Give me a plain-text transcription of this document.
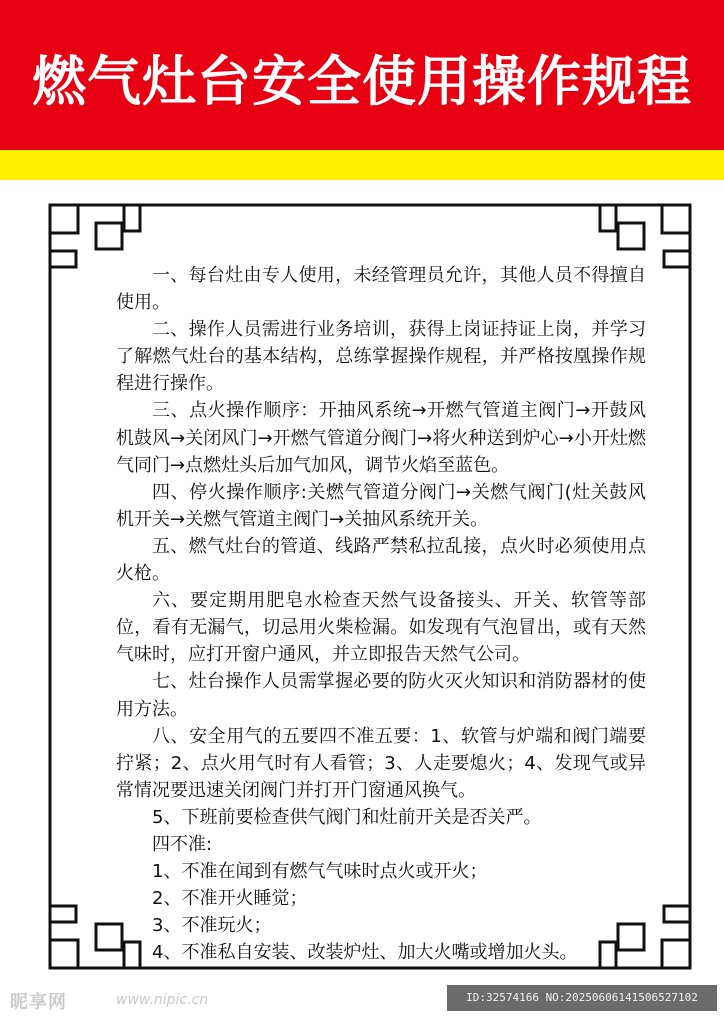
燃气灶台安全使用操作规程

一、每台灶由专人使用，未经管理员允许，其他人员不得擅自使用。

二、操作人员需进行业务培训，获得上岗证持证上岗，并学习了解燃气灶台的基本结构，总练掌握操作规程，并严格按凰操作规程进行操作。

三、点火操作顺序：开抽风系统→开燃气管道主阀门→开鼓风机鼓风→关闭风门→开燃气管道分阀门→将火种送到炉心→小开灶燃气同门→点燃灶头后加气加风，调节火焰至蓝色。

四、停火操作顺序:关燃气管道分阀门→关燃气阀门(灶关鼓风机开关→关燃气管道主阀门→关抽风系统开关。

五、燃气灶台的管道、线路严禁私拉乱接，点火时必须使用点火枪。

六、要定期用肥皂水检查天然气设备接头、开关、软管等部位，看有无漏气，切忌用火柴检漏。如发现有气泡冒出，或有天然气味时，应打开窗户通风，并立即报告天然气公司。

七、灶台操作人员需掌握必要的防火灭火知识和消防器材的使用方法。

八、安全用气的五要四不准五要：1、软管与炉端和阀门端要拧紧；2、点火用气时有人看管；3、人走要熄火；4、发现气或异常情况要迅速关闭阀门并打开门窗通风换气。

5、下班前要检查供气阀门和灶前开关是否关严。

四不准:

1、不准在闻到有燃气气味时点火或开火；

2、不准开火睡觉；

3、不准玩火；

4、不准私自安装、改装炉灶、加大火嘴或增加火头。

昵享网	www.nipic.cn	ID:32574166 NO:20250606141506527102
